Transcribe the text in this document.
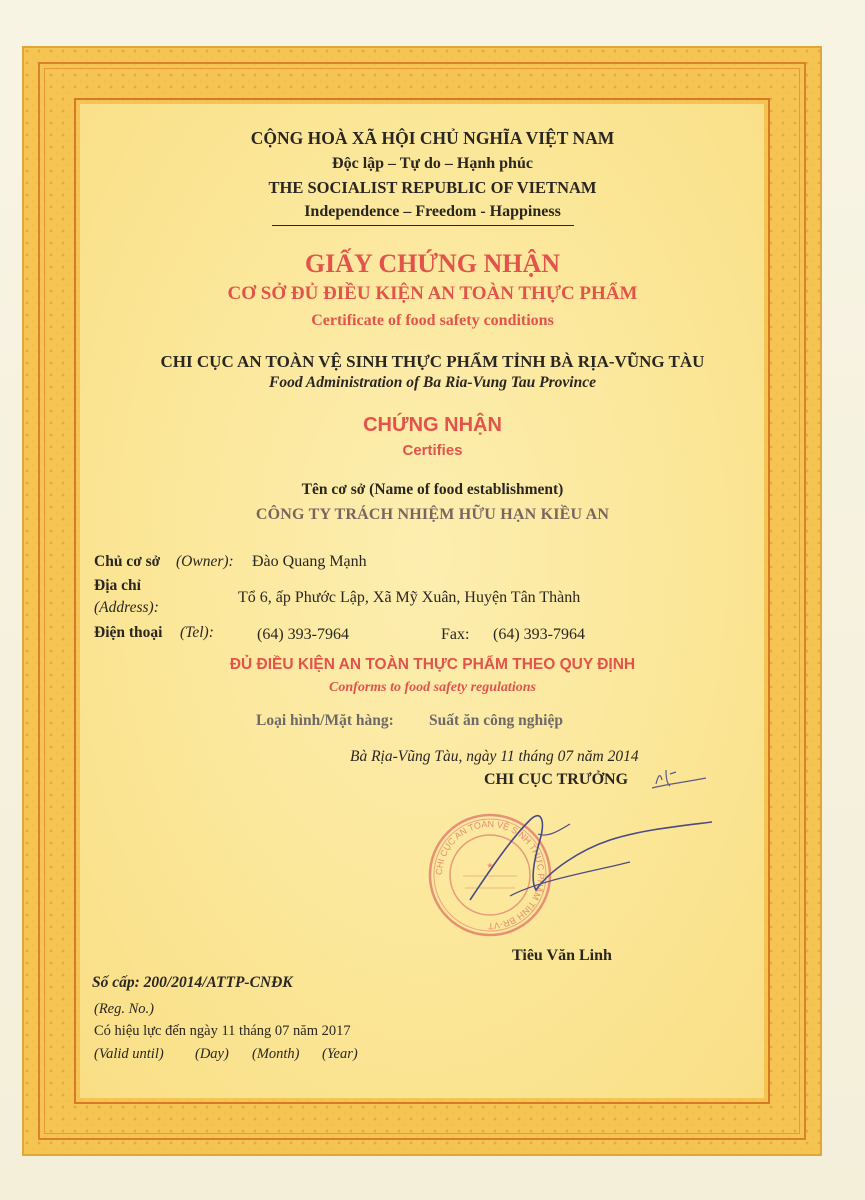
CỘNG HOÀ XÃ HỘI CHỦ NGHĨA VIỆT NAM
Độc lập – Tự do – Hạnh phúc
THE SOCIALIST REPUBLIC OF VIETNAM
Independence – Freedom - Happiness
GIẤY CHỨNG NHẬN
CƠ SỞ ĐỦ ĐIỀU KIỆN AN TOÀN THỰC PHẨM
Certificate of food safety conditions
CHI CỤC AN TOÀN VỆ SINH THỰC PHẨM TỈNH BÀ RỊA-VŨNG TÀU
Food Administration of Ba Ria-Vung Tau Province
CHỨNG NHẬN
Certifies
Tên cơ sở (Name of food establishment)
CÔNG TY TRÁCH NHIỆM HỮU HẠN KIỀU AN
Chủ cơ sở (Owner): Đào Quang Mạnh
Địa chỉ
(Address):
Tổ 6, ấp Phước Lập, Xã Mỹ Xuân, Huyện Tân Thành
Điện thoại (Tel):	(64) 393-7964	Fax: (64) 393-7964
ĐỦ ĐIỀU KIỆN AN TOÀN THỰC PHẨM THEO QUY ĐỊNH
Conforms to food safety regulations
Loại hình/Mặt hàng: Suất ăn công nghiệp
Bà Rịa-Vũng Tàu, ngày 11 tháng 07 năm 2014
CHI CỤC TRƯỞNG
CHI CỤC AN TOÀN VỆ SINH THỰC PHẨM TỈNH BR-VT
★
Tiêu Văn Linh
Số cấp: 200/2014/ATTP-CNĐK
(Reg. No.)
Có hiệu lực đến ngày 11 tháng 07 năm 2017
(Valid until) (Day) (Month) (Year)
